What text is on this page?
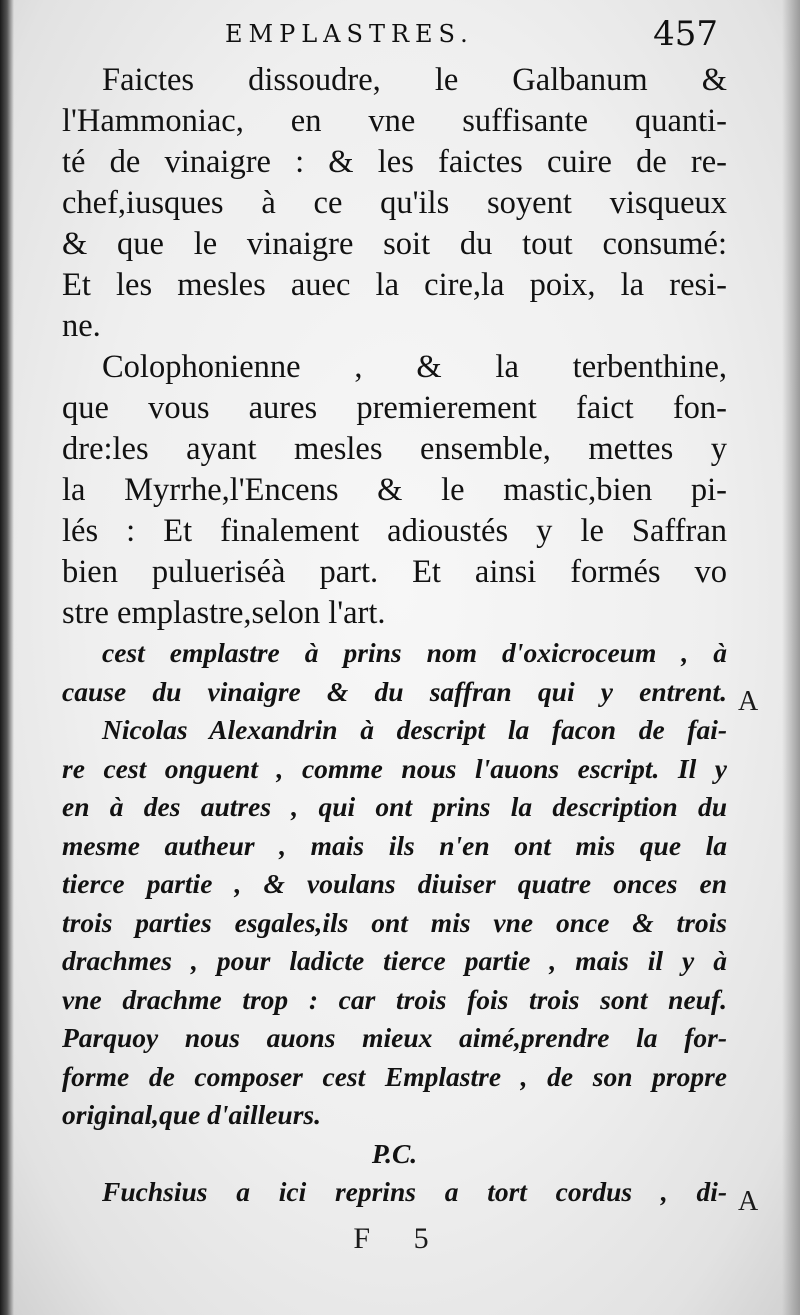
EMPLASTRES.	457
Faictes dissoudre, le Galbanum &
l'Hammoniac, en vne suffisante quanti-
té de vinaigre : & les faictes cuire de re-
chef,iusques à ce qu'ils soyent visqueux
& que le vinaigre soit du tout consumé:
Et les mesles auec la cire,la poix, la resi-
ne.
Colophonienne , & la terbenthine,
que vous aures premierement faict fon-
dre:les ayant mesles ensemble, mettes y
la Myrrhe,l'Encens & le mastic,bien pi-
lés : Et finalement adioustés y le Saffran
bien pulueriséà part. Et ainsi formés vo
stre emplastre,selon l'art.
cest emplastre à prins nom d'oxicroceum , à
cause du vinaigre & du saffran qui y entrent.
Nicolas Alexandrin à descript la facon de fai-
re cest onguent , comme nous l'auons escript. Il y
en à des autres , qui ont prins la description du
mesme autheur , mais ils n'en ont mis que la
tierce partie , & voulans diuiser quatre onces en
trois parties esgales,ils ont mis vne once & trois
drachmes , pour ladicte tierce partie , mais il y à
vne drachme trop : car trois fois trois sont neuf.
Parquoy nous auons mieux aimé,prendre la for-
forme de composer cest Emplastre , de son propre
original,que d'ailleurs.
P.C.
Fuchsius a ici reprins a tort cordus , di-
A
A
F 5
